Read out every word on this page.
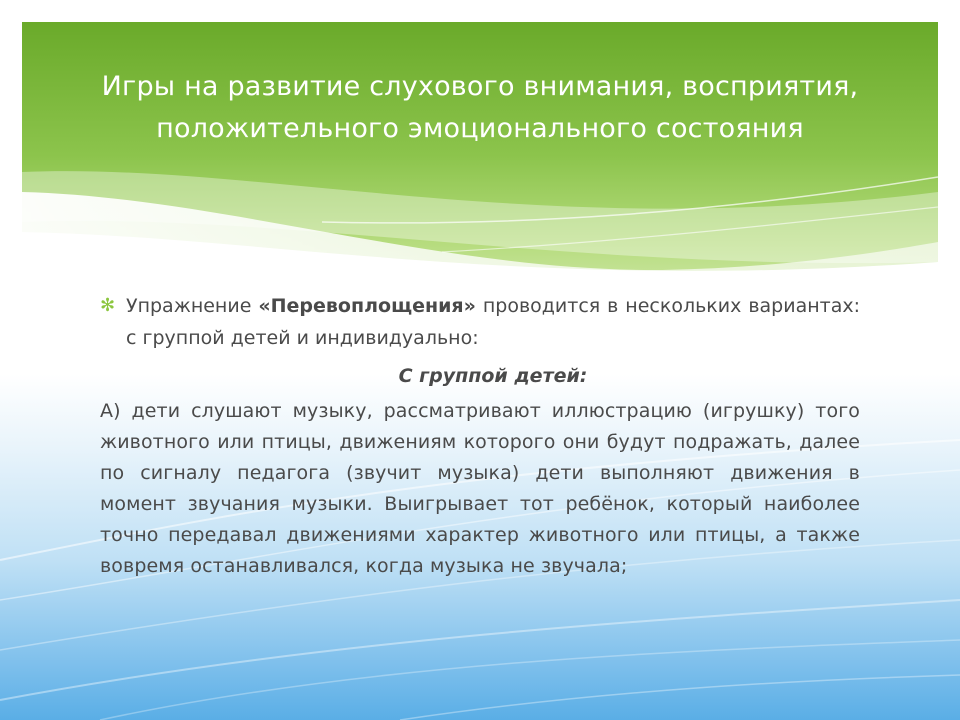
Игры на развитие слухового внимания, восприятия, положительного эмоционального состояния
✻ Упражнение «Перевоплощения» проводится в нескольких вариантах: с группой детей и индивидуально:
С группой детей:
А) дети слушают музыку, рассматривают иллюстрацию (игрушку) того животного или птицы, движениям которого они будут подражать, далее по сигналу педагога (звучит музыка) дети выполняют движения в момент звучания музыки. Выигрывает тот ребёнок, который наиболее точно передавал движениями характер животного или птицы, а также вовремя останавливался, когда музыка не звучала;
